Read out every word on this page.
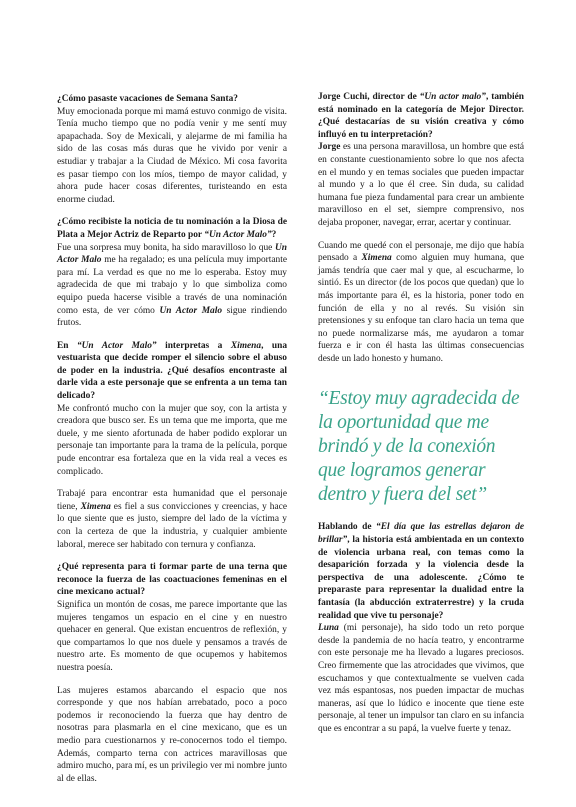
¿Cómo pasaste vacaciones de Semana Santa?
Muy emocionada porque mi mamá estuvo conmigo de visita. Tenía mucho tiempo que no podía venir y me sentí muy apapachada. Soy de Mexicali, y alejarme de mi familia ha sido de las cosas más duras que he vivido por venir a estudiar y trabajar a la Ciudad de México. Mi cosa favorita es pasar tiempo con los míos, tiempo de mayor calidad, y ahora pude hacer cosas diferentes, turisteando en esta enorme ciudad.

¿Cómo recibiste la noticia de tu nominación a la Diosa de Plata a Mejor Actriz de Reparto por “Un Actor Malo”?
Fue una sorpresa muy bonita, ha sido maravilloso lo que Un Actor Malo me ha regalado; es una película muy importante para mí. La verdad es que no me lo esperaba. Estoy muy agradecida de que mi trabajo y lo que simboliza como equipo pueda hacerse visible a través de una nominación como esta, de ver cómo Un Actor Malo sigue rindiendo frutos.

En “Un Actor Malo” interpretas a Ximena, una vestuarista que decide romper el silencio sobre el abuso de poder en la industria. ¿Qué desafíos encontraste al darle vida a este personaje que se enfrenta a un tema tan delicado?
Me confrontó mucho con la mujer que soy, con la artista y creadora que busco ser. Es un tema que me importa, que me duele, y me siento afortunada de haber podido explorar un personaje tan importante para la trama de la película, porque pude encontrar esa fortaleza que en la vida real a veces es complicado.

Trabajé para encontrar esta humanidad que el personaje tiene, Ximena es fiel a sus convicciones y creencias, y hace lo que siente que es justo, siempre del lado de la víctima y con la certeza de que la industria, y cualquier ambiente laboral, merece ser habitado con ternura y confianza.

¿Qué representa para ti formar parte de una terna que reconoce la fuerza de las coactuaciones femeninas en el cine mexicano actual?
Significa un montón de cosas, me parece importante que las mujeres tengamos un espacio en el cine y en nuestro quehacer en general. Que existan encuentros de reflexión, y que compartamos lo que nos duele y pensamos a través de nuestro arte. Es momento de que ocupemos y habitemos nuestra poesía.

Las mujeres estamos abarcando el espacio que nos corresponde y que nos habían arrebatado, poco a poco podemos ir reconociendo la fuerza que hay dentro de nosotras para plasmarla en el cine mexicano, que es un medio para cuestionarnos y re-conocernos todo el tiempo. Además, comparto terna con actrices maravillosas que admiro mucho, para mí, es un privilegio ver mi nombre junto al de ellas.

Jorge Cuchi, director de “Un actor malo”, también está nominado en la categoría de Mejor Director. ¿Qué destacarías de su visión creativa y cómo influyó en tu interpretación?
Jorge es una persona maravillosa, un hombre que está en constante cuestionamiento sobre lo que nos afecta en el mundo y en temas sociales que pueden impactar al mundo y a lo que él cree. Sin duda, su calidad humana fue pieza fundamental para crear un ambiente maravilloso en el set, siempre comprensivo, nos dejaba proponer, navegar, errar, acertar y continuar.

Cuando me quedé con el personaje, me dijo que había pensado a Ximena como alguien muy humana, que jamás tendría que caer mal y que, al escucharme, lo sintió. Es un director (de los pocos que quedan) que lo más importante para él, es la historia, poner todo en función de ella y no al revés. Su visión sin pretensiones y su enfoque tan claro hacia un tema que no puede normalizarse más, me ayudaron a tomar fuerza e ir con él hasta las últimas consecuencias desde un lado honesto y humano.

“Estoy muy agradecida de la oportunidad que me brindó y de la conexión que logramos generar dentro y fuera del set”

Hablando de “El día que las estrellas dejaron de brillar”, la historia está ambientada en un contexto de violencia urbana real, con temas como la desaparición forzada y la violencia desde la perspectiva de una adolescente. ¿Cómo te preparaste para representar la dualidad entre la fantasía (la abducción extraterrestre) y la cruda realidad que vive tu personaje?
Luna (mi personaje), ha sido todo un reto porque desde la pandemia de no hacía teatro, y encontrarme con este personaje me ha llevado a lugares preciosos. Creo firmemente que las atrocidades que vivimos, que escuchamos y que contextualmente se vuelven cada vez más espantosas, nos pueden impactar de muchas maneras, así que lo lúdico e inocente que tiene este personaje, al tener un impulsor tan claro en su infancia que es encontrar a su papá, la vuelve fuerte y tenaz.
